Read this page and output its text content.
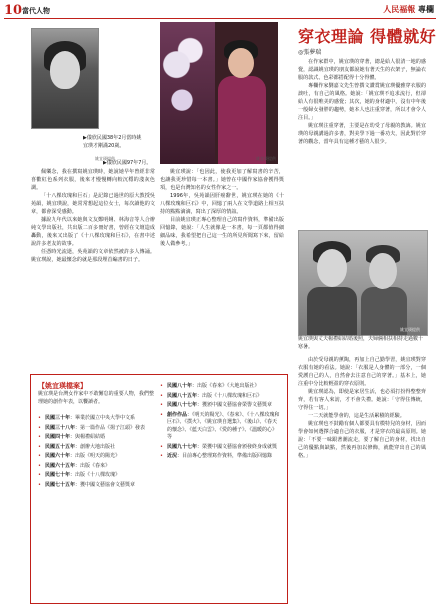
10 當代人物	人民福報 專欄
姚宜瑛提供	姚宜瑛提供
▶儀欣民國38年2月當時姚宜瑛才剛滿20歲。
▶儀欣民國97年7月。
穿衣理論 得體就好
◎張夢瑞

在作家群中，姚宜瑛的穿著，總是給人很清一地的感覺，認識姚宜瑛的朋友都說她有著天生的衣架子，無論衣服的款式、色彩都搭配得十分得體。

專欄作家劉嘉文先生曾撰文讚賞姚宜瑛優雅穿衣服的談吐，有自己的風格。她說：「姚宜瑛不追求流行，但卻給人有很唯美的感覺；其次，她的身材適中，沒有中年後一般婦女發胖的趨勢，她本人也注重穿著，所以才會令人注目。」

姚宜瑛注重穿著，主要是在幼受了母親的教誨。姚宜瑛的母親講過許多書，對美學下過一番功夫，因此對於穿著的觀念，當年具有這種才藝的人很少。

姚宜瑛提供
姚宜瑛與丈夫楊禮紹結婚後照，夫婦倆相扶相持走過數十寒暑。

由於受母親的薰陶，再加上自己勤學習，姚宜瑛對穿衣服有她的看法。她說：「衣服是人身體的一部分，一個愛護自己的人，自然會去注意自己的穿著。」基本上，她注重中分比較輕盈的穿衣原則。

姚宜瑛認為，即使是家居生活，也必須打扮得整整齊齊，若有客人來訪，才不會失禮。她說：「守得住傳統，守得住一切。」

一二天就能學會的，這是生活累積的經驗。

姚宜瑛也不鼓勵有個人都要具有模特兒的身材，因而學會如何選擇合適自己的衣服，才是穿衣的最高原則。她說：「不要一味跟著潮流走，要了解自己的身材，找出自己的優點與缺點，然後再加以修飾，就能穿出自己的風格。」

佩樂念，我在撰寫姚宜瑛時，她說她早年曾經非常喜歡紅色系列衣服，後來才慢慢轉向較沉穩的淺灰色調。

「十八棵玫瑰和巨石」是記錄已過世的原大教授吳苑韻，姚宜瑛說，她常常想起這位女士，每次讀他的文章，都會深受感動。

據說九年代以來她與文友鄭明娳、林海音等人合辦純文學出版社，共出版二百多冊好書，曾經在文壇造成轟動，後來又出版了《十八棵玫瑰和巨石》，在書中述說許多老友的故事。

任憑時光流逝，吳苑韻的文章依然被許多人傳誦。姚宜瑛說，她最懷念的就是那段埋首編書的日子。

姚宜瑛說：「也因此，使我更加了解寫書的辛苦，也讓我更珍惜每一本書。」她曾在中國作家協會獲得獎項，也是台灣知名的女性作家之一。

1996年，吳苑韻因肝癌辭世，姚宜瑛在她的《十八棵玫瑰和巨石》中，回憶了兩人在文學道路上相互扶持的點點滴滴，寫出了深厚的情誼。

目前姚宜瑛正專心整理自己的寫作資料，準備出版回憶錄，她說：「人生就像是一本書，每一頁都值得細細品味，我希望把自己這一生的所見所聞寫下來，留給後人做參考。」

【姚宜瑛檔案】
姚宜瑛是台灣女作家中不敢懈怠的重要人物，我們整理她的創作年表，以饗讀者。
• 民國三十年：畢業於國立中央大學中文系
• 民國三十八年：第一篇作品《揚子江頭》發表
• 民國四十年：與楊禮紹結婚
• 民國五十五年：創辦大地出版社
• 民國六十年：出版《明天的陽光》
• 民國六十五年：出版《春來》
• 民國七十年：出版《十八棵玫瑰》
• 民國七十五年：獲中國文藝協會文藝獎章
• 民國八十年：出版《春來》《大地出版社》
• 民國八十五年：出版《十八棵玫瑰和巨石》
• 民國八十七年：獲頒中國文藝協會榮譽文藝獎章
• 創作作品：《明天的陽光》、《春來》、《十八棵玫瑰和巨石》、《撲火》、《姚宜瑛自選集》、《後山》、《春天的懷念》、《藍天白雲》、《愛的種子》、《溫暖的心》等
• 民國九十七年：榮獲中國文藝協會頒發終身成就獎
• 近況：目前專心整理寫作資料，準備出版回憶錄
